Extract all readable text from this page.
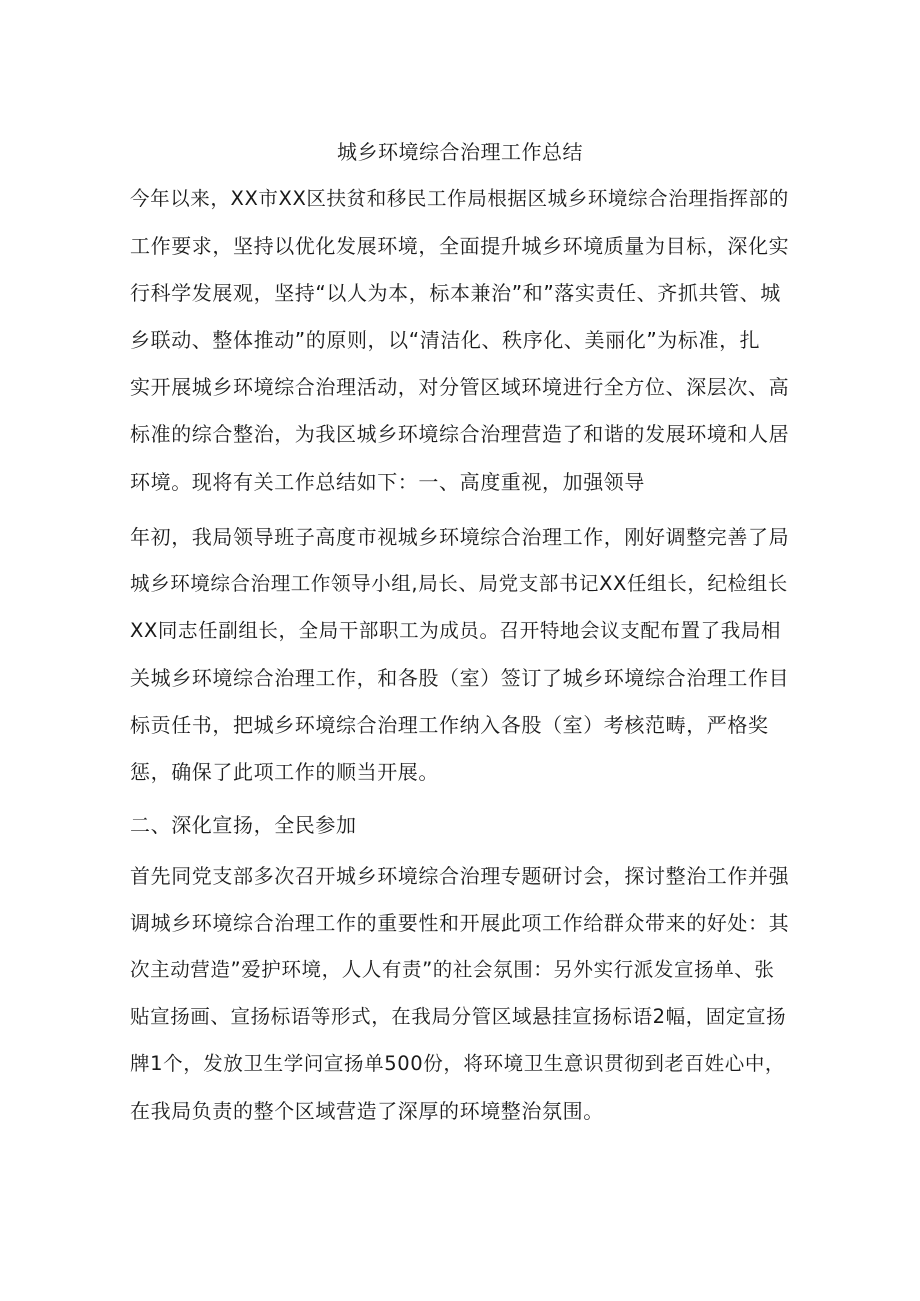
城乡环境综合治理工作总结
今年以来，XX市XX区扶贫和移民工作局根据区城乡环境综合治理指挥部的
工作要求，坚持以优化发展环境，全面提升城乡环境质量为目标，深化实
行科学发展观，坚持“以人为本，标本兼治”和”落实责任、齐抓共管、城
乡联动、整体推动”的原则，以“清洁化、秩序化、美丽化”为标准，扎
实开展城乡环境综合治理活动，对分管区域环境进行全方位、深层次、高
标准的综合整治，为我区城乡环境综合治理营造了和谐的发展环境和人居
环境。现将有关工作总结如下：一、高度重视，加强领导
年初，我局领导班子高度市视城乡环境综合治理工作，刚好调整完善了局
城乡环境综合治理工作领导小组,局长、局党支部书记XX任组长，纪检组长
XX同志任副组长，全局干部职工为成员。召开特地会议支配布置了我局相
关城乡环境综合治理工作，和各股（室）签订了城乡环境综合治理工作目
标贡任书，把城乡环境综合治理工作纳入各股（室）考核范畴，严格奖
惩，确保了此项工作的顺当开展。
二、深化宣扬，全民参加
首先同党支部多次召开城乡环境综合治理专题研讨会，探讨整治工作并强
调城乡环境综合治理工作的重要性和开展此项工作给群众带来的好处：其
次主动营造”爱护环境，人人有责”的社会氛围：另外实行派发宣扬单、张
贴宣扬画、宣扬标语等形式，在我局分管区域悬挂宣扬标语2幅，固定宣扬
牌1个，发放卫生学问宣扬单500份，将环境卫生意识贯彻到老百姓心中，
在我局负责的整个区域营造了深厚的环境整治氛围。
